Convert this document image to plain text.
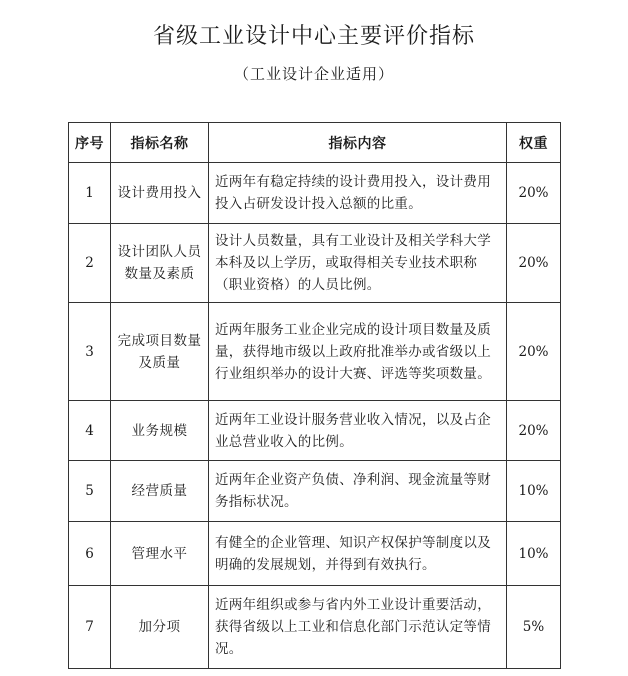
省级工业设计中心主要评价指标
（工业设计企业适用）
序号	指标名称	指标内容	权重
1	设计费用投入	近两年有稳定持续的设计费用投入，设计费用投入占研发设计投入总额的比重。	20%
2	设计团队人员数量及素质	设计人员数量，具有工业设计及相关学科大学本科及以上学历，或取得相关专业技术职称（职业资格）的人员比例。	20%
3	完成项目数量及质量	近两年服务工业企业完成的设计项目数量及质量，获得地市级以上政府批准举办或省级以上行业组织举办的设计大赛、评选等奖项数量。	20%
4	业务规模	近两年工业设计服务营业收入情况，以及占企业总营业收入的比例。	20%
5	经营质量	近两年企业资产负债、净利润、现金流量等财务指标状况。	10%
6	管理水平	有健全的企业管理、知识产权保护等制度以及明确的发展规划，并得到有效执行。	10%
7	加分项	近两年组织或参与省内外工业设计重要活动，获得省级以上工业和信息化部门示范认定等情况。	5%
